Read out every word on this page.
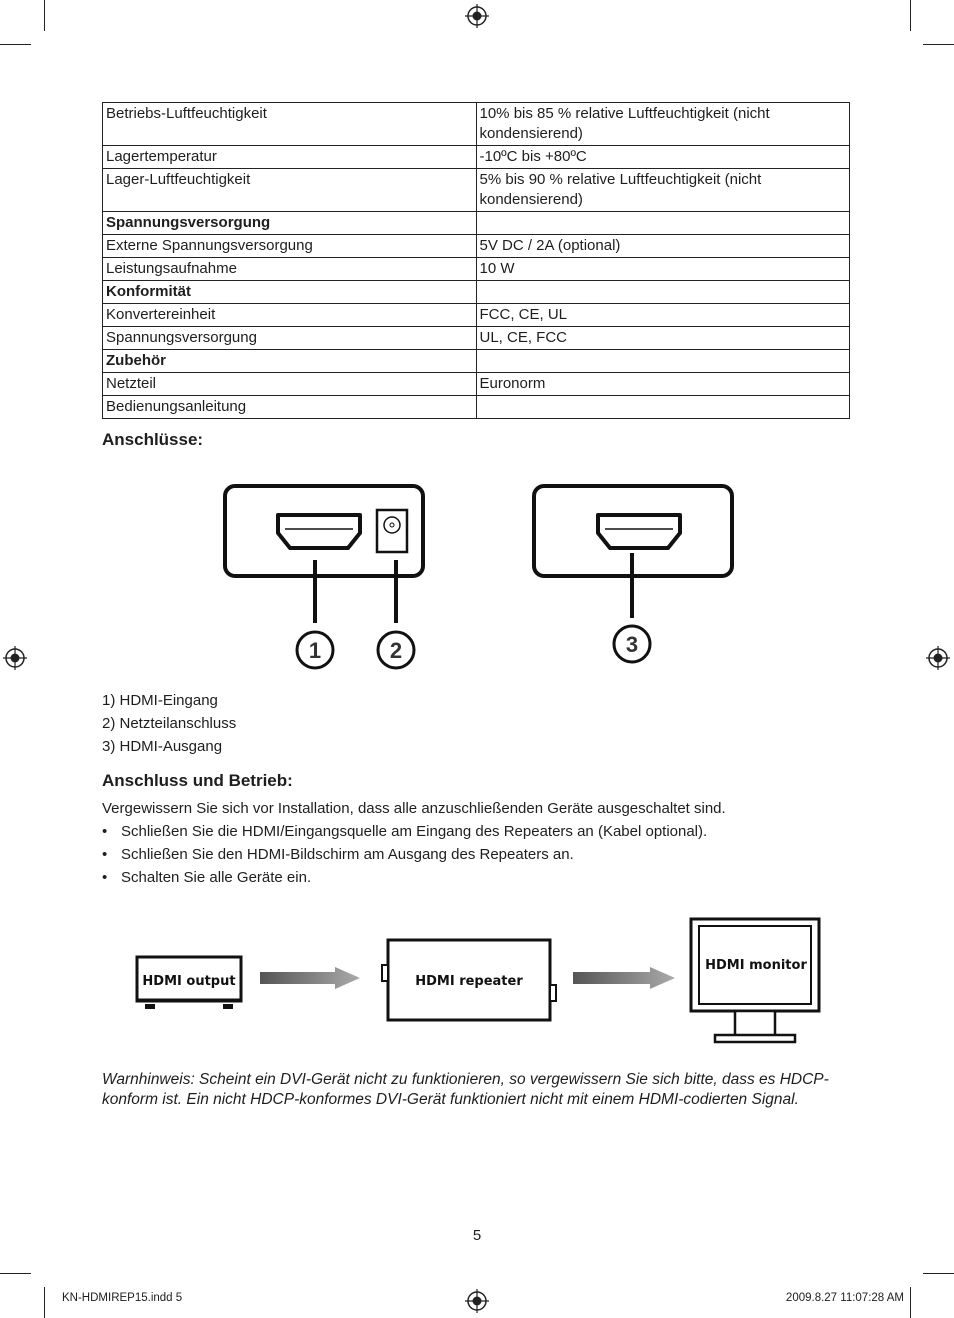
Betriebs-Luftfeuchtigkeit	10% bis 85 % relative Luftfeuchtigkeit (nicht kondensierend)
Lagertemperatur	-10ºC bis +80ºC
Lager-Luftfeuchtigkeit	5% bis 90 % relative Luftfeuchtigkeit (nicht kondensierend)
Spannungsversorgung	
Externe Spannungsversorgung	5V DC / 2A (optional)
Leistungsaufnahme	10 W
Konformität	
Konvertereinheit	FCC, CE, UL
Spannungsversorgung	UL, CE, FCC
Zubehör	
Netzteil	Euronorm
Bedienungsanleitung	
Anschlüsse:
1	2	3

1) HDMI-Eingang

2) Netzteilanschluss

3) HDMI-Ausgang

Anschluss und Betrieb:

Vergewissern Sie sich vor Installation, dass alle anzuschließenden Geräte ausgeschaltet sind.

• Schließen Sie die HDMI/Eingangsquelle am Eingang des Repeaters an (Kabel optional).
• Schließen Sie den HDMI-Bildschirm am Ausgang des Repeaters an.
• Schalten Sie alle Geräte ein.
HDMI output	HDMI repeater
HDMI monitor

Warnhinweis: Scheint ein DVI-Gerät nicht zu funktionieren, so vergewissern Sie sich bitte, dass es HDCP-konform ist. Ein nicht HDCP-konformes DVI-Gerät funktioniert nicht mit einem HDMI-codierten Signal.

5
KN-HDMIREP15.indd 5	2009.8.27 11:07:28 AM
